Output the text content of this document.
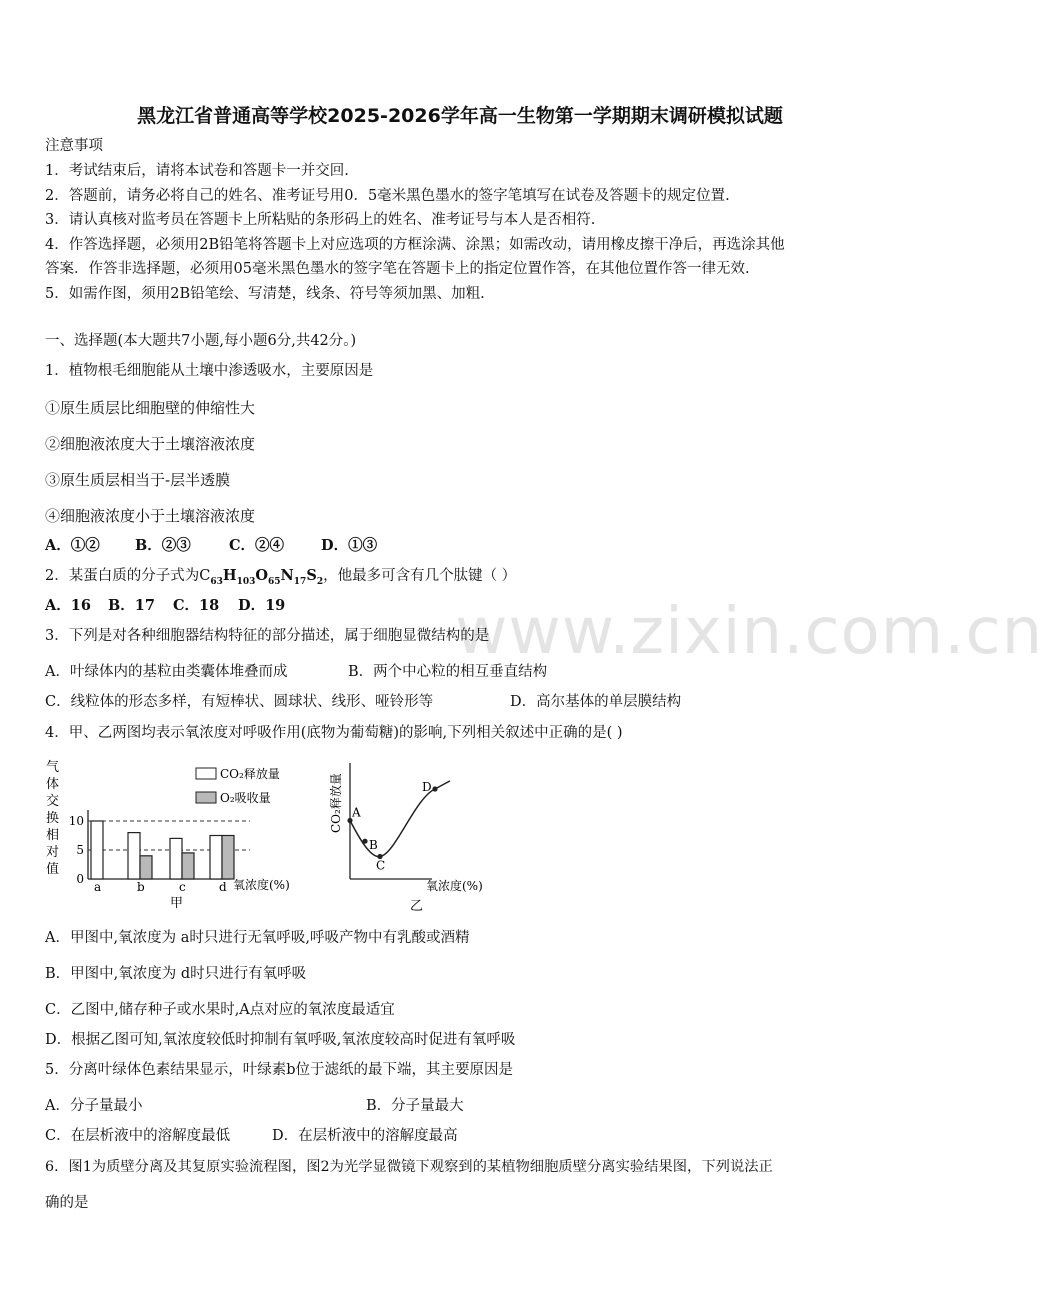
黑龙江省普通高等学校2025-2026学年高一生物第一学期期末调研模拟试题
注意事项
1．考试结束后，请将本试卷和答题卡一并交回.
2．答题前，请务必将自己的姓名、准考证号用0．5毫米黑色墨水的签字笔填写在试卷及答题卡的规定位置.
3．请认真核对监考员在答题卡上所粘贴的条形码上的姓名、准考证号与本人是否相符.
4．作答选择题，必须用2B铅笔将答题卡上对应选项的方框涂满、涂黑；如需改动，请用橡皮擦干净后，再选涂其他
答案．作答非选择题，必须用05毫米黑色墨水的签字笔在答题卡上的指定位置作答，在其他位置作答一律无效.
5．如需作图，须用2B铅笔绘、写清楚，线条、符号等须加黑、加粗.
一、选择题(本大题共7小题,每小题6分,共42分。)
1．植物根毛细胞能从土壤中渗透吸水，主要原因是
①原生质层比细胞壁的伸缩性大
②细胞液浓度大于土壤溶液浓度
③原生质层相当于-层半透膜
④细胞液浓度小于土壤溶液浓度
A．①② B．②③	C．②④	D．①③
2．某蛋白质的分子式为$C_{63}H_{103}O_{65}N_{17}S_2$，他最多可含有几个肽键（ ）
A．16 B．17 C．18 D．19	www.zixin.com.cn
3．下列是对各种细胞器结构特征的部分描述，属于细胞显微结构的是
A．叶绿体内的基粒由类囊体堆叠而成	B．两个中心粒的相互垂直结构
C．线粒体的形态多样，有短棒状、圆球状、线形、哑铃形等	D．高尔基体的单层膜结构
4．甲、乙两图均表示氧浓度对呼吸作用(底物为葡萄糖)的影响,下列相关叙述中正确的是( )
气
体
交
换
相
对
值
0
5
10
a	b	c	d
CO₂释放量
O₂吸收量
氧浓度(%)
甲
CO₂释放量 A
B
C
D
氧浓度(%)
乙
A．甲图中,氧浓度为 a时只进行无氧呼吸,呼吸产物中有乳酸或酒精
B．甲图中,氧浓度为 d时只进行有氧呼吸
C．乙图中,储存种子或水果时,A点对应的氧浓度最适宜
D．根据乙图可知,氧浓度较低时抑制有氧呼吸,氧浓度较高时促进有氧呼吸
5．分离叶绿体色素结果显示，叶绿素b位于滤纸的最下端，其主要原因是
A．分子量最小	B．分子量最大
C．在层析液中的溶解度最低	D．在层析液中的溶解度最高
6．图1为质壁分离及其复原实验流程图，图2为光学显微镜下观察到的某植物细胞质壁分离实验结果图，下列说法正
确的是
